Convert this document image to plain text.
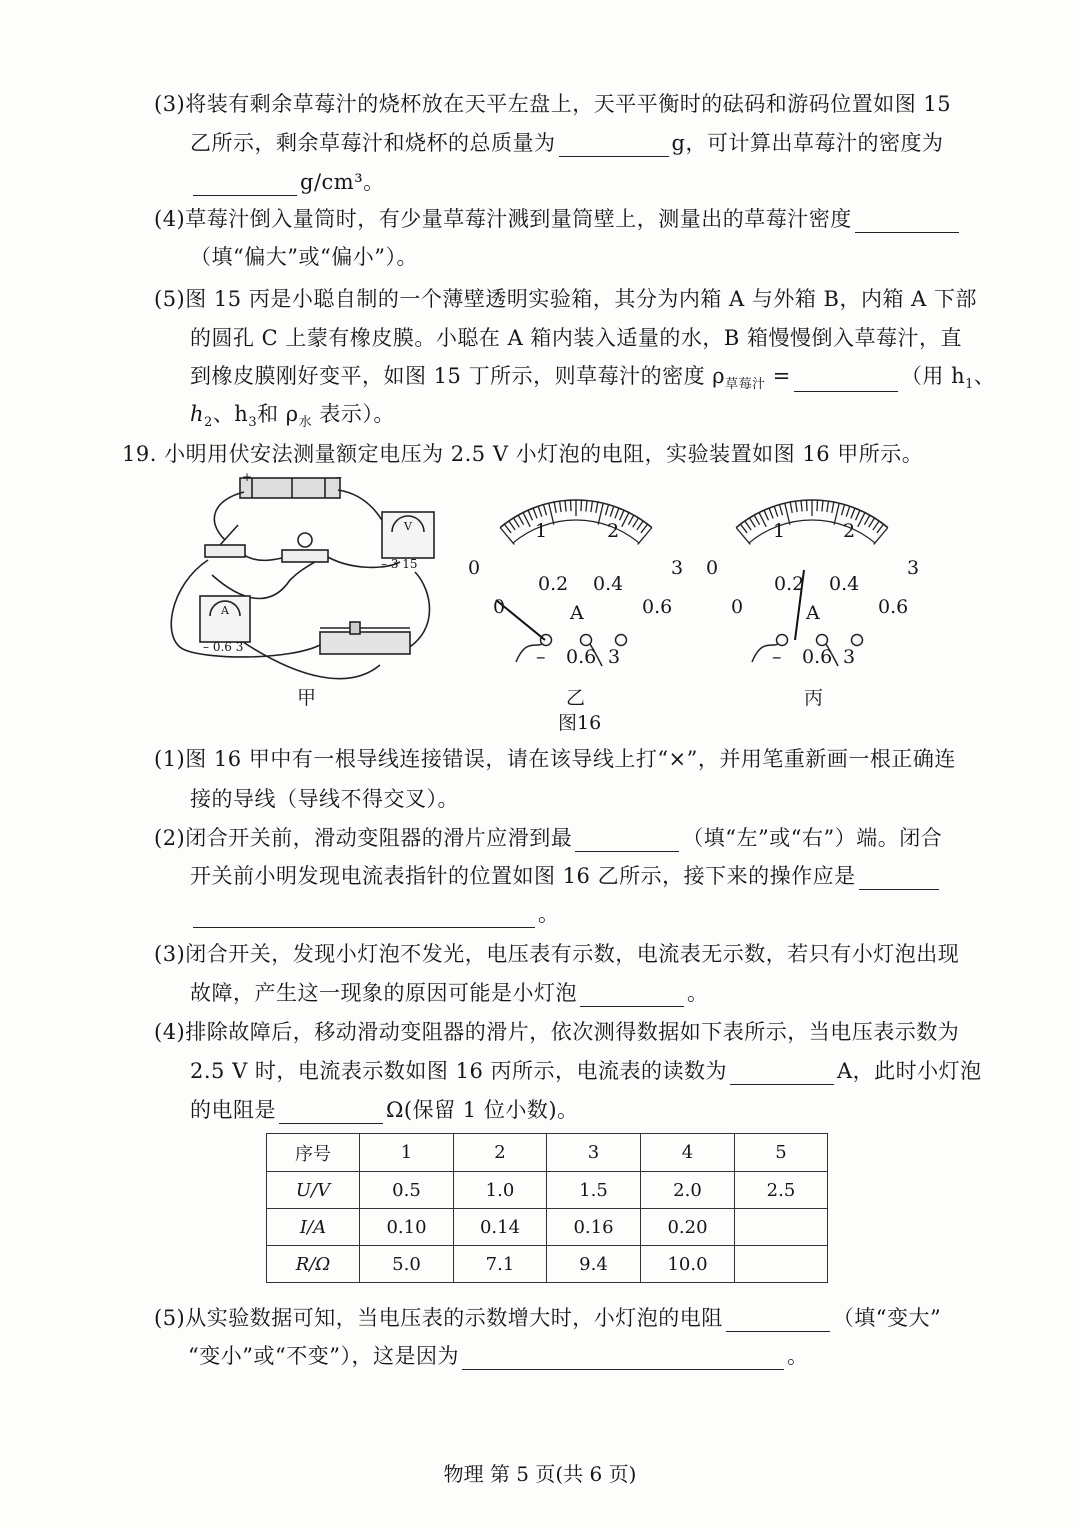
(3)将装有剩余草莓汁的烧杯放在天平左盘上，天平平衡时的砝码和游码位置如图 15
乙所示，剩余草莓汁和烧杯的总质量为	g，可计算出草莓汁的密度为
g/cm³。
(4)草莓汁倒入量筒时，有少量草莓汁溅到量筒壁上，测量出的草莓汁密度
（填“偏大”或“偏小”）。
(5)图 15 丙是小聪自制的一个薄壁透明实验箱，其分为内箱 A 与外箱 B，内箱 A 下部
的圆孔 C 上蒙有橡皮膜。小聪在 A 箱内装入适量的水，B 箱慢慢倒入草莓汁，直
到橡皮膜刚好变平，如图 15 丁所示，则草莓汁的密度 $\rho_{草莓汁}$ =	（用 $h_1$、
$h_2$、$h_3$和 $\rho_水$ 表示）。
19. 小明用伏安法测量额定电压为 2.5 V 小灯泡的电阻，实验装置如图 16 甲所示。
+	–
V
– 3 15
A
– 0.6 3
0
1	2
3
0
0.2 0.4
0.6
A
– 0.6 3
0
1	2
3
0
0.2 0.4
0.6
A
– 0.6 3
甲	乙	丙
图16
(1)图 16 甲中有一根导线连接错误，请在该导线上打“×”，并用笔重新画一根正确连
接的导线（导线不得交叉）。
(2)闭合开关前，滑动变阻器的滑片应滑到最	（填“左”或“右”）端。闭合
开关前小明发现电流表指针的位置如图 16 乙所示，接下来的操作应是
。
(3)闭合开关，发现小灯泡不发光，电压表有示数，电流表无示数，若只有小灯泡出现
故障，产生这一现象的原因可能是小灯泡	。
(4)排除故障后，移动滑动变阻器的滑片，依次测得数据如下表所示，当电压表示数为
2.5 V 时，电流表示数如图 16 丙所示，电流表的读数为	A，此时小灯泡
的电阻是	Ω(保留 1 位小数)。
序号	1	2	3	4	5
U/V	0.5	1.0	1.5	2.0	2.5
I/A	0.10	0.14	0.16	0.20	
R/Ω	5.0	7.1	9.4	10.0	
(5)从实验数据可知，当电压表的示数增大时，小灯泡的电阻	（填“变大”
“变小”或“不变”），这是因为	。
物理 第 5 页(共 6 页)
